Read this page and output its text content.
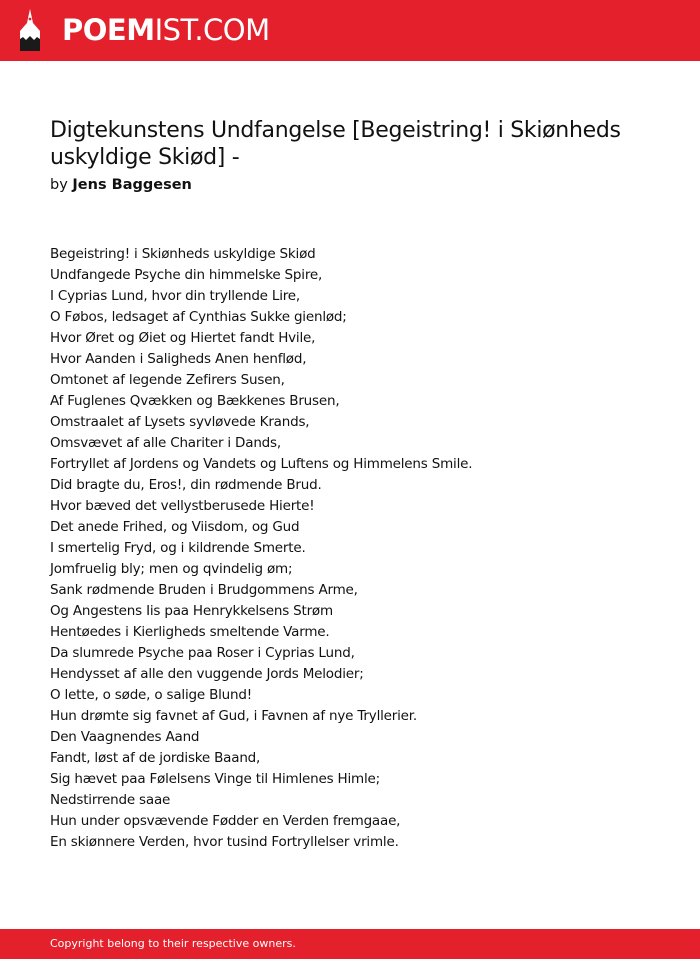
POEMIST.COM
Digtekunstens Undfangelse [Begeistring! i Skiønheds uskyldige Skiød] -
by Jens Baggesen
Begeistring! i Skiønheds uskyldige Skiød
Undfangede Psyche din himmelske Spire,
I Cyprias Lund, hvor din tryllende Lire,
O Føbos, ledsaget af Cynthias Sukke gienlød;
Hvor Øret og Øiet og Hiertet fandt Hvile,
Hvor Aanden i Saligheds Anen henflød,
Omtonet af legende Zefirers Susen,
Af Fuglenes Qvækken og Bækkenes Brusen,
Omstraalet af Lysets syvløvede Krands,
Omsvævet af alle Chariter i Dands,
Fortryllet af Jordens og Vandets og Luftens og Himmelens Smile.
Did bragte du, Eros!, din rødmende Brud.
Hvor bæved det vellystberusede Hierte!
Det anede Frihed, og Viisdom, og Gud
I smertelig Fryd, og i kildrende Smerte.
Jomfruelig bly; men og qvindelig øm;
Sank rødmende Bruden i Brudgommens Arme,
Og Angestens Iis paa Henrykkelsens Strøm
Hentøedes i Kierligheds smeltende Varme.
Da slumrede Psyche paa Roser i Cyprias Lund,
Hendysset af alle den vuggende Jords Melodier;
O lette, o søde, o salige Blund!
Hun drømte sig favnet af Gud, i Favnen af nye Tryllerier.
Den Vaagnendes Aand
Fandt, løst af de jordiske Baand,
Sig hævet paa Følelsens Vinge til Himlenes Himle;
Nedstirrende saae
Hun under opsvævende Fødder en Verden fremgaae,
En skiønnere Verden, hvor tusind Fortryllelser vrimle.
Copyright belong to their respective owners.
